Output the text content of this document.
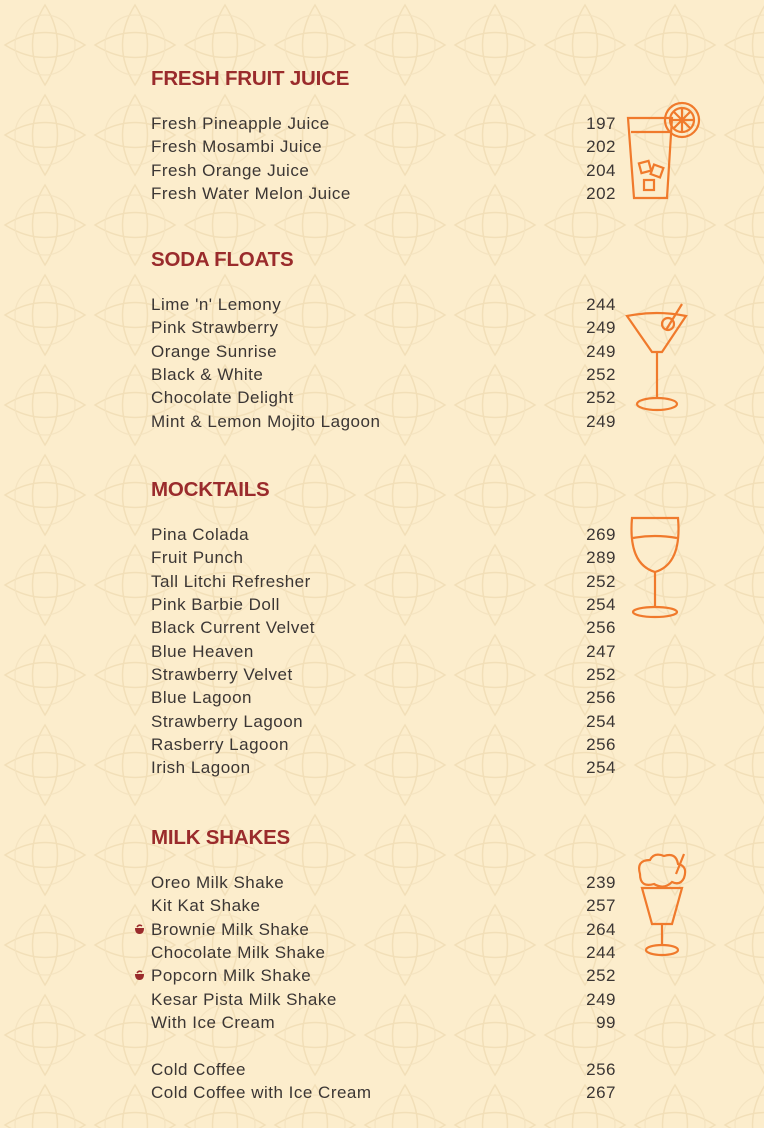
FRESH FRUIT JUICE
Fresh Pineapple Juice	197
Fresh Mosambi Juice	202
Fresh Orange Juice	204
Fresh Water Melon Juice	202
SODA FLOATS
Lime 'n' Lemony	244
Pink Strawberry	249
Orange Sunrise	249
Black & White	252
Chocolate Delight	252
Mint & Lemon Mojito Lagoon	249
MOCKTAILS
Pina Colada	269
Fruit Punch	289
Tall Litchi Refresher	252
Pink Barbie Doll	254
Black Current Velvet	256
Blue Heaven	247
Strawberry Velvet	252
Blue Lagoon	256
Strawberry Lagoon	254
Rasberry Lagoon	256
Irish Lagoon	254
MILK SHAKES
Oreo Milk Shake	239
Kit Kat Shake	257
Brownie Milk Shake	264
Chocolate Milk Shake	244
Popcorn Milk Shake	252
Kesar Pista Milk Shake	249
With Ice Cream	99
Cold Coffee	256
Cold Coffee with Ice Cream	267
